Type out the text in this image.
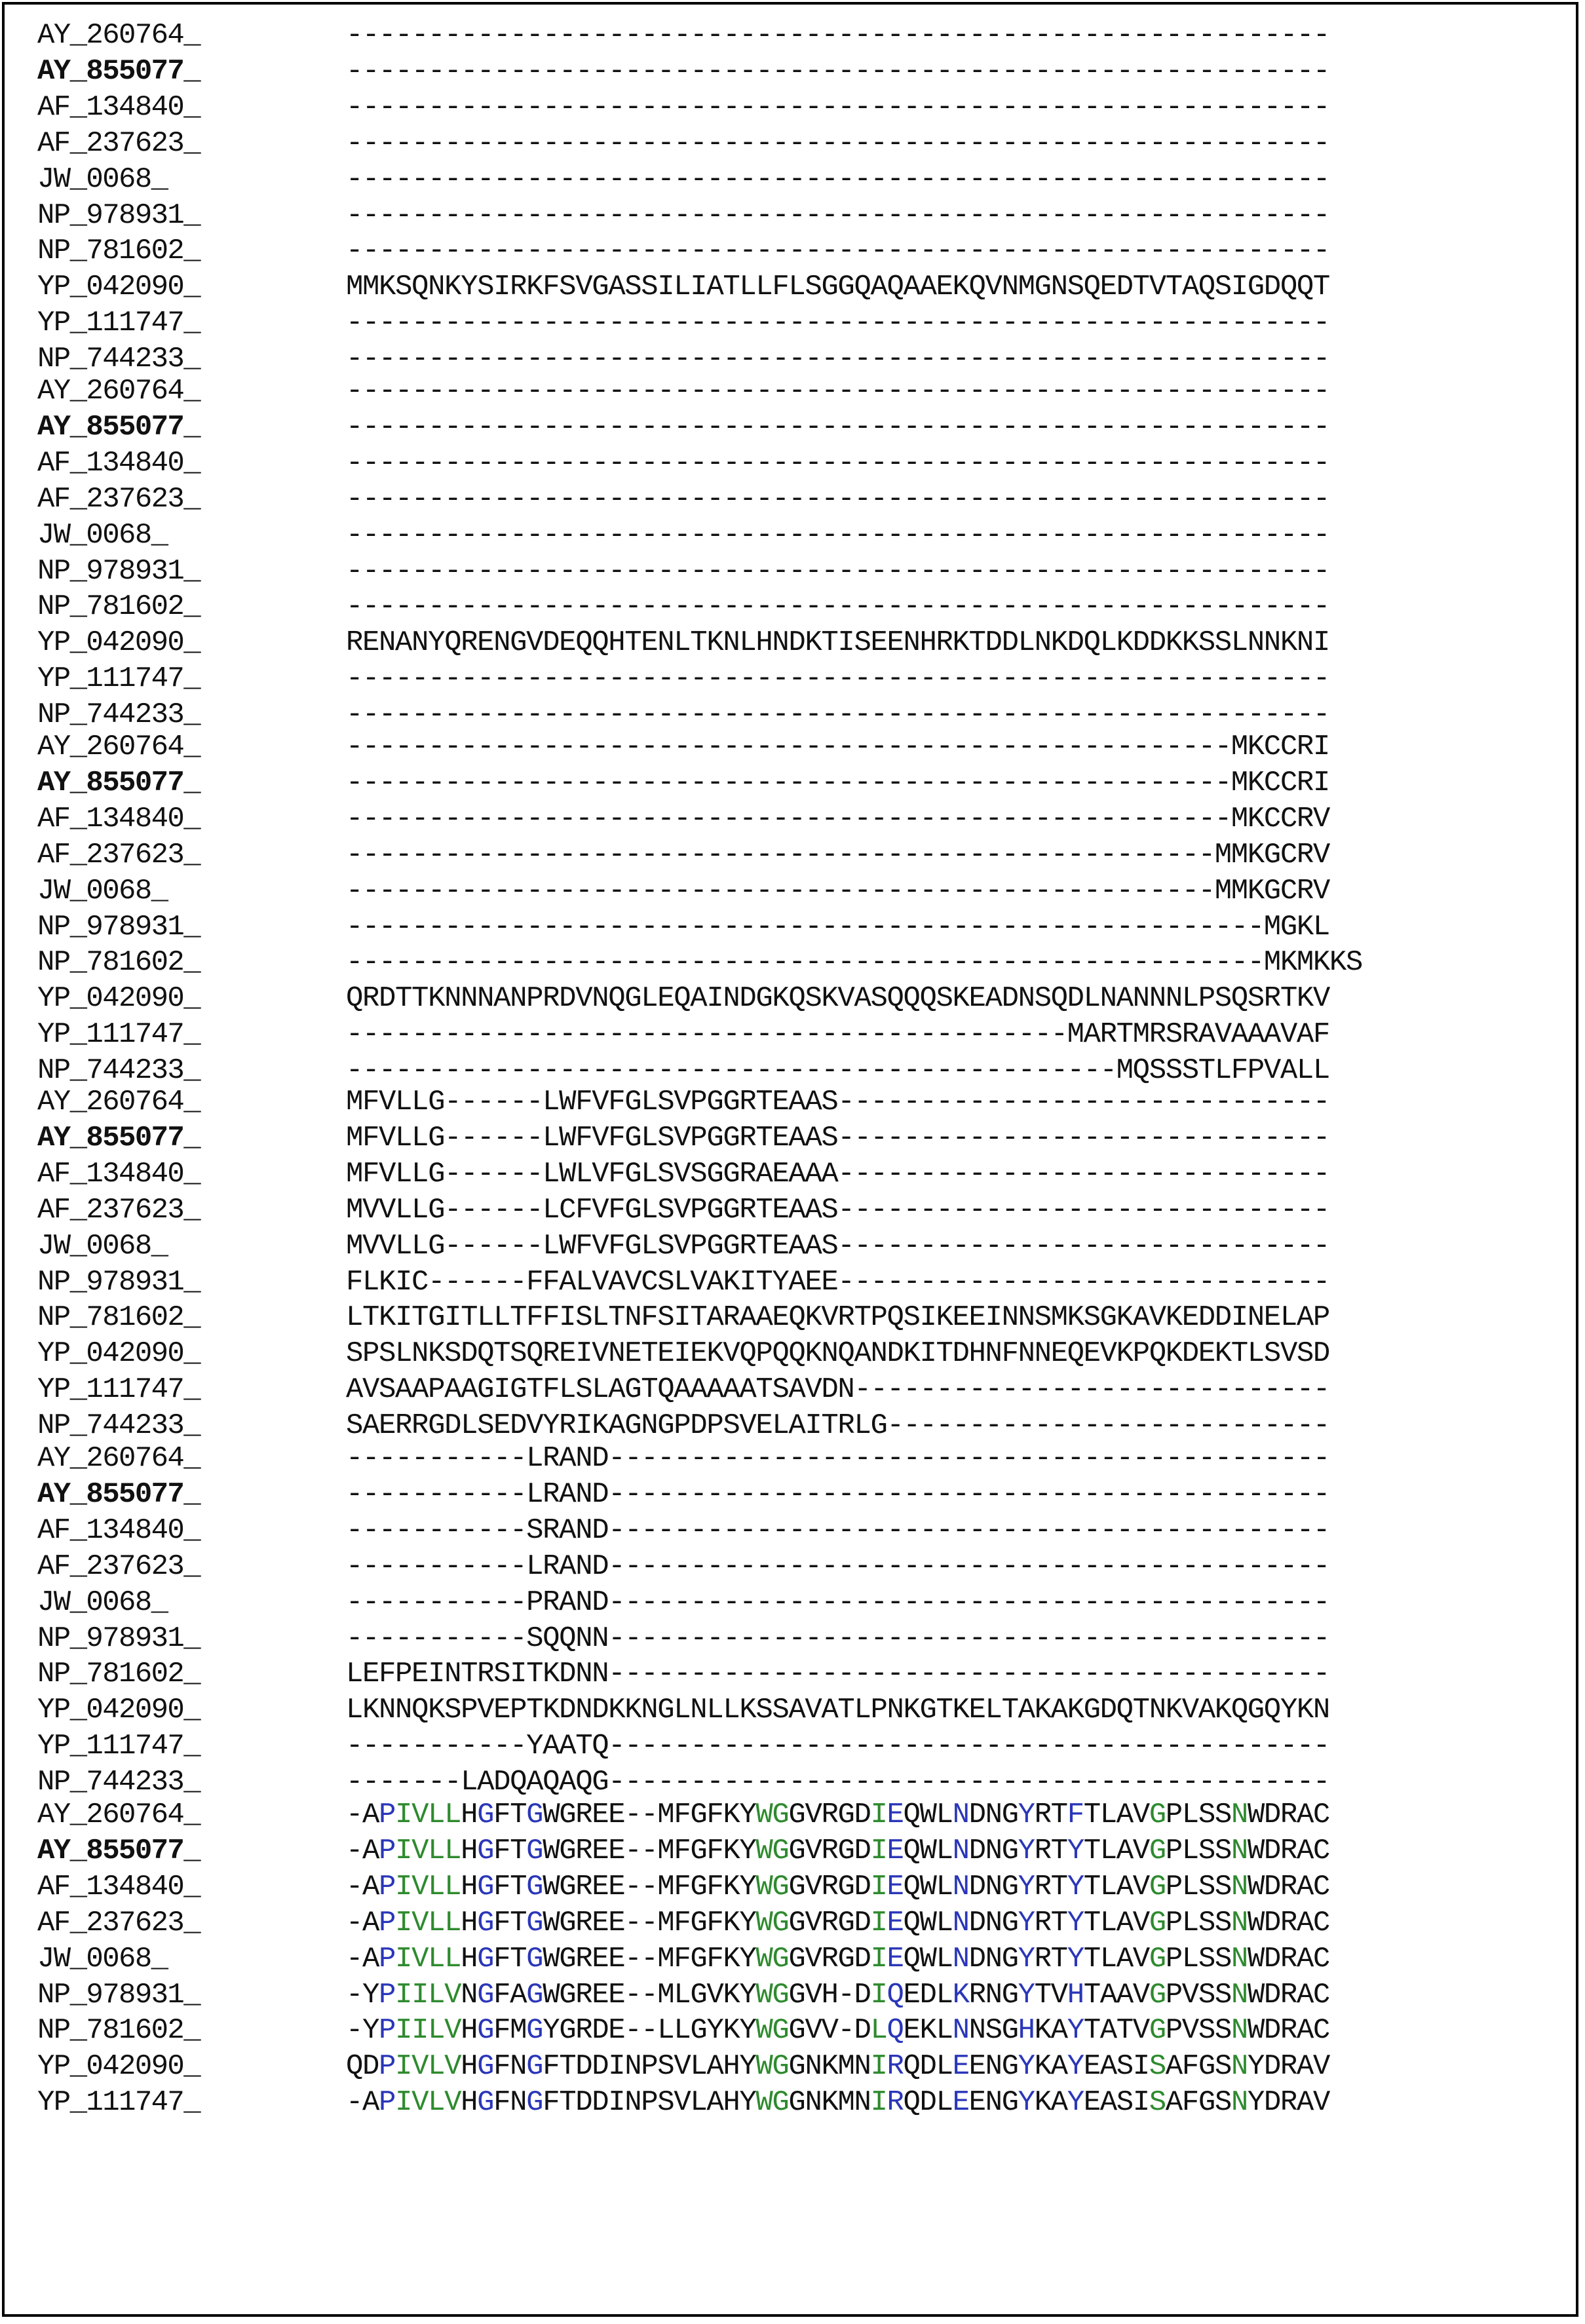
AY_260764_	------------------------------------------------------------
AY_855077_	------------------------------------------------------------
AF_134840_	------------------------------------------------------------
AF_237623_	------------------------------------------------------------
JW_0068_	------------------------------------------------------------
NP_978931_	------------------------------------------------------------
NP_781602_	------------------------------------------------------------
YP_042090_	MMKSQNKYSIRKFSVGASSILIATLLFLSGGQAQAAEKQVNMGNSQEDTVTAQSIGDQQT
YP_111747_	------------------------------------------------------------
NP_744233_	------------------------------------------------------------
AY_260764_	------------------------------------------------------------
AY_855077_	------------------------------------------------------------
AF_134840_	------------------------------------------------------------
AF_237623_	------------------------------------------------------------
JW_0068_	------------------------------------------------------------
NP_978931_	------------------------------------------------------------
NP_781602_	------------------------------------------------------------
YP_042090_	RENANYQRENGVDEQQHTENLTKNLHNDKTISEENHRKTDDLNKDQLKDDKKSSLNNKNI
YP_111747_	------------------------------------------------------------
NP_744233_	------------------------------------------------------------
AY_260764_	------------------------------------------------------MKCCRI
AY_855077_	------------------------------------------------------MKCCRI
AF_134840_	------------------------------------------------------MKCCRV
AF_237623_	-----------------------------------------------------MMKGCRV
JW_0068_	-----------------------------------------------------MMKGCRV
NP_978931_	--------------------------------------------------------MGKL
NP_781602_	--------------------------------------------------------MKMKKS
YP_042090_	QRDTTKNNNANPRDVNQGLEQAINDGKQSKVASQQQSKEADNSQDLNANNNLPSQSRTKV
YP_111747_	--------------------------------------------MARTMRSRAVAAAVAF
NP_744233_	-----------------------------------------------MQSSSTLFPVALL
AY_260764_	MFVLLG------LWFVFGLSVPGGRTEAAS------------------------------
AY_855077_	MFVLLG------LWFVFGLSVPGGRTEAAS------------------------------
AF_134840_	MFVLLG------LWLVFGLSVSGGRAEAAA------------------------------
AF_237623_	MVVLLG------LCFVFGLSVPGGRTEAAS------------------------------
JW_0068_	MVVLLG------LWFVFGLSVPGGRTEAAS------------------------------
NP_978931_	FLKIC------FFALVAVCSLVAKITYAEE------------------------------
NP_781602_	LTKITGITLLTFFISLTNFSITARAAEQKVRTPQSIKEEINNSMKSGKAVKEDDINELAP
YP_042090_	SPSLNKSDQTSQREIVNETEIEKVQPQQKNQANDKITDHNFNNEQEVKPQKDEKTLSVSD
YP_111747_	AVSAAPAAGIGTFLSLAGTQAAAAATSAVDN-----------------------------
NP_744233_	SAERRGDLSEDVYRIKAGNGPDPSVELAITRLG---------------------------
AY_260764_	-----------LRAND--------------------------------------------
AY_855077_	-----------LRAND--------------------------------------------
AF_134840_	-----------SRAND--------------------------------------------
AF_237623_	-----------LRAND--------------------------------------------
JW_0068_	-----------PRAND--------------------------------------------
NP_978931_	-----------SQQNN--------------------------------------------
NP_781602_	LEFPEINTRSITKDNN--------------------------------------------
YP_042090_	LKNNQKSPVEPTKDNDKKNGLNLLKSSAVATLPNKGTKELTAKAKGDQTNKVAKQGQYKN
YP_111747_	-----------YAATQ--------------------------------------------
NP_744233_	-------LADQAQAQG--------------------------------------------
AY_260764_	-APIVLLHGFTGWGREE--MFGFKYWGGVRGDIEQWLNDNGYRTFTLAVGPLSSNWDRAC
AY_855077_	-APIVLLHGFTGWGREE--MFGFKYWGGVRGDIEQWLNDNGYRTYTLAVGPLSSNWDRAC
AF_134840_	-APIVLLHGFTGWGREE--MFGFKYWGGVRGDIEQWLNDNGYRTYTLAVGPLSSNWDRAC
AF_237623_	-APIVLLHGFTGWGREE--MFGFKYWGGVRGDIEQWLNDNGYRTYTLAVGPLSSNWDRAC
JW_0068_	-APIVLLHGFTGWGREE--MFGFKYWGGVRGDIEQWLNDNGYRTYTLAVGPLSSNWDRAC
NP_978931_	-YPIILVNGFAGWGREE--MLGVKYWGGVH-DIQEDLKRNGYTVHTAAVGPVSSNWDRAC
NP_781602_	-YPIILVHGFMGYGRDE--LLGYKYWGGVV-DLQEKLNNSGHKAYTATVGPVSSNWDRAC
YP_042090_	QDPIVLVHGFNGFTDDINPSVLAHYWGGNKMNIRQDLEENGYKAYEASISAFGSNYDRAV
YP_111747_	-APIVLVHGFNGFTDDINPSVLAHYWGGNKMNIRQDLEENGYKAYEASISAFGSNYDRAV
